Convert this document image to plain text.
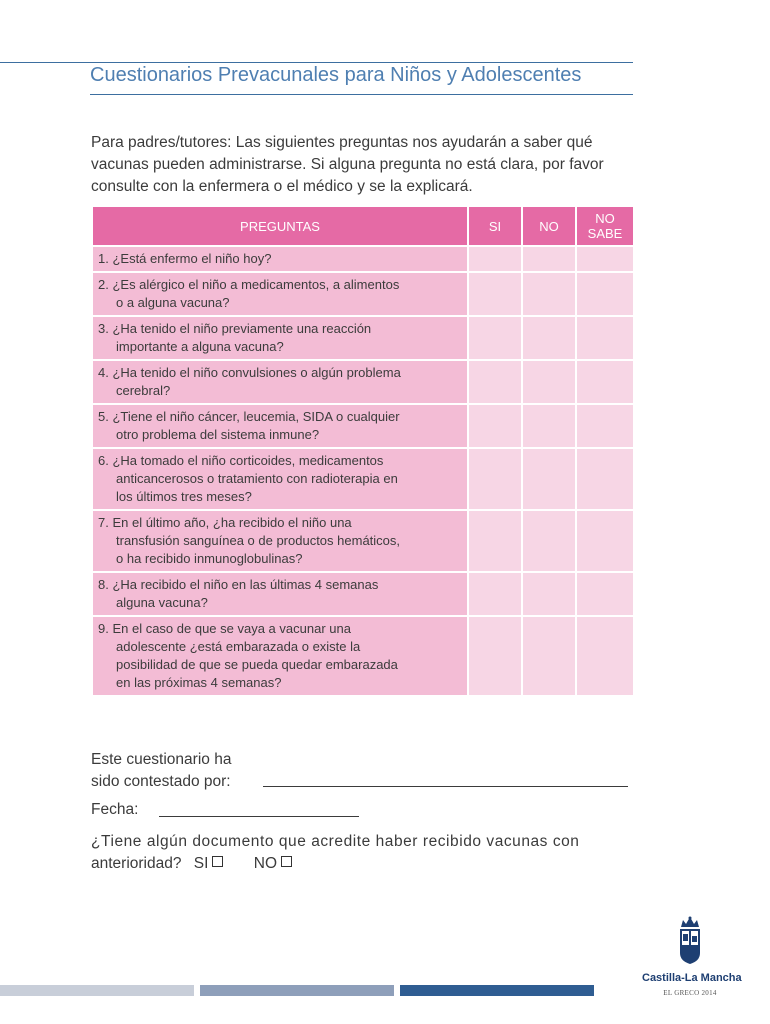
Cuestionarios Prevacunales para Niños y Adolescentes
Para padres/tutores: Las siguientes preguntas nos ayudarán a saber qué vacunas pueden administrarse. Si alguna pregunta no está clara, por favor consulte con la enfermera o el médico y se la explicará.
PREGUNTAS	SI	NO	NO
SABE

1. ¿Está enfermo el niño hoy?			

2. ¿Es alérgico el niño a medicamentos, a alimentos
o a alguna vacuna?			

3. ¿Ha tenido el niño previamente una reacción
importante a alguna vacuna?			

4. ¿Ha tenido el niño convulsiones o algún problema
cerebral?			

5. ¿Tiene el niño cáncer, leucemia, SIDA o cualquier
otro problema del sistema inmune?			

6. ¿Ha tomado el niño corticoides, medicamentos
anticancerosos o tratamiento con radioterapia en
los últimos tres meses?			

7. En el último año, ¿ha recibido el niño una
transfusión sanguínea o de productos hemáticos,
o ha recibido inmunoglobulinas?			

8. ¿Ha recibido el niño en las últimas 4 semanas
alguna vacuna?			

9. En el caso de que se vaya a vacunar una
adolescente ¿está embarazada o existe la
posibilidad de que se pueda quedar embarazada
en las próximas 4 semanas?			

Este cuestionario ha
sido contestado por:
Fecha:
¿Tiene algún documento que acredite haber recibido vacunas con
anterioridad? SI	NO
Castilla-La Mancha
EL GRECO 2014
